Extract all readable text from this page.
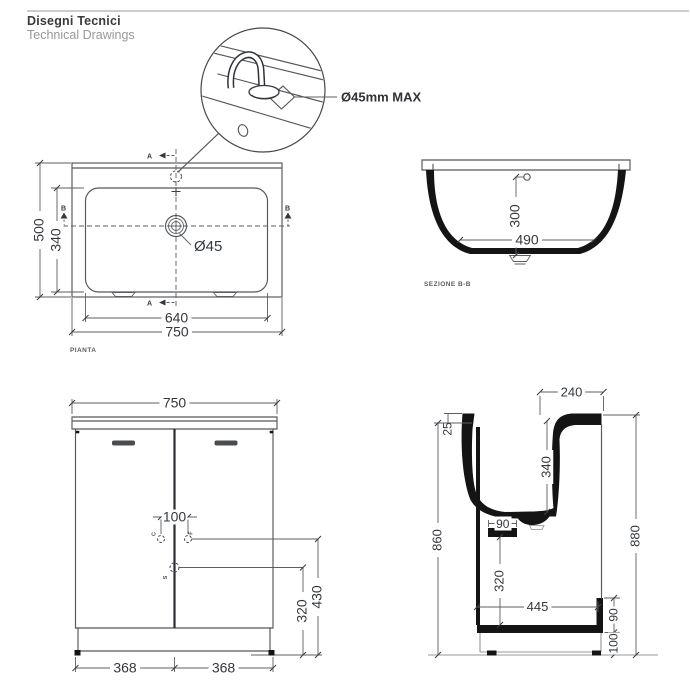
Disegni Tecnici
Technical Drawings
Ø45mm MAX
Ø45
A
A
B	B
500 340
640
750
PIANTA
300
490
SEZIONE B-B
750
100
430
320
368	368
C	F
S
240
25
340
90
320
860	880
445
90
100
